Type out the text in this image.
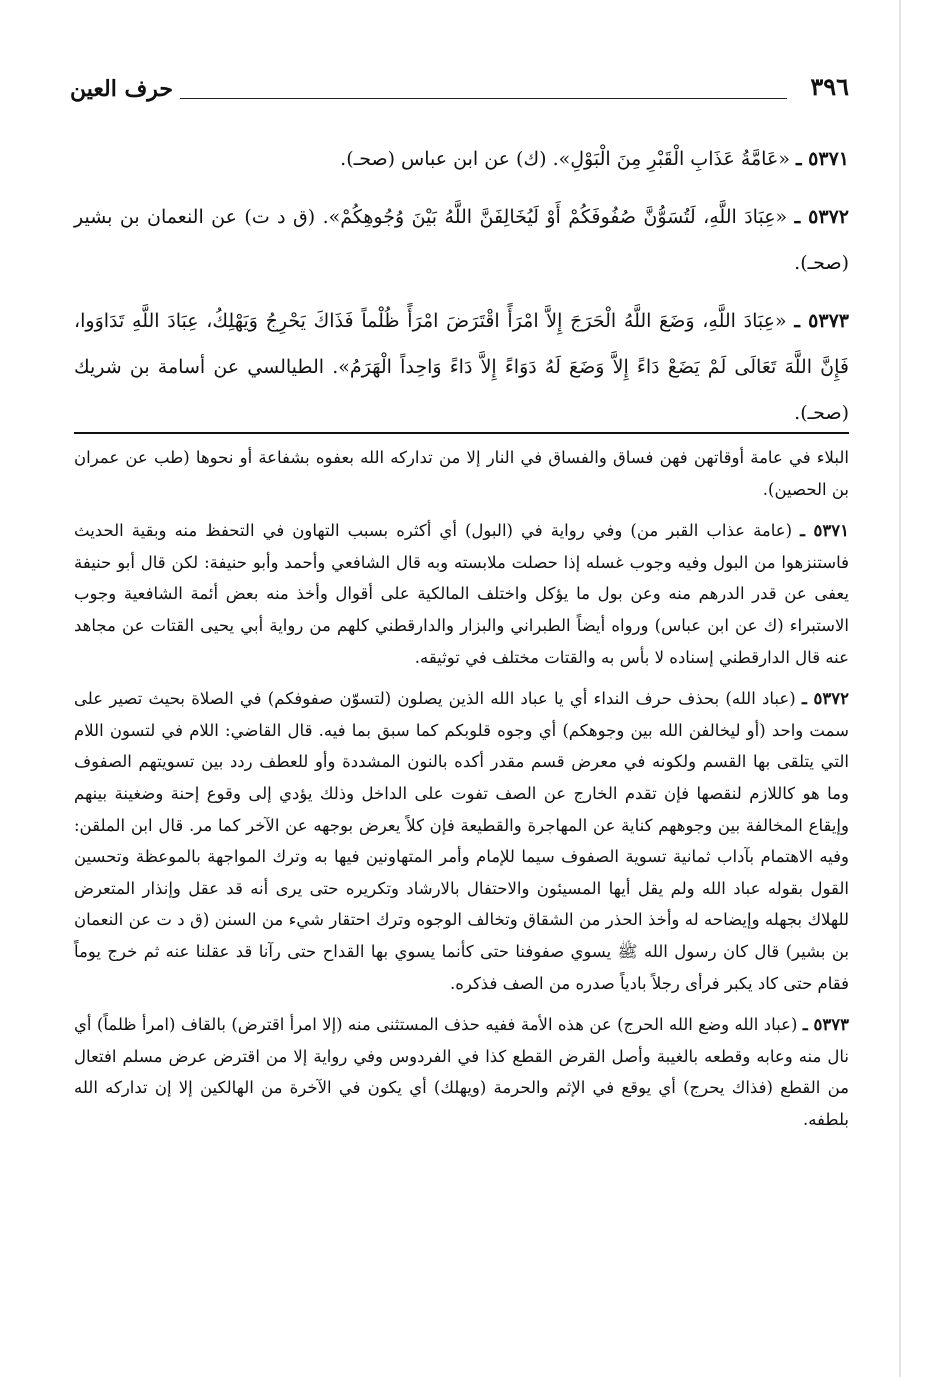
٣٩٦
حرف العين

٥٣٧١ ـ «عَامَّةُ عَذَابِ الْقَبْرِ مِنَ الْبَوْلِ». (ك) عن ابن عباس (صحـ).

٥٣٧٢ ـ «عِبَادَ اللَّهِ، لَتُسَوُّنَّ صُفُوفَكُمْ أَوْ لَيُخَالِفَنَّ اللَّهُ بَيْنَ وُجُوهِكُمْ». (ق د ت) عن النعمان بن بشير (صحـ).

٥٣٧٣ ـ «عِبَادَ اللَّهِ، وَضَعَ اللَّهُ الْحَرَجَ إِلاَّ امْرَأً اقْتَرَضَ امْرَأً ظُلْماً فَذَاكَ يَحْرِجُ وَيَهْلِكُ، عِبَادَ اللَّهِ تَدَاوَوا، فَإِنَّ اللَّهَ تَعَالَى لَمْ يَضَعْ دَاءً إِلاَّ وَضَعَ لَهُ دَوَاءً إِلاَّ دَاءً وَاحِداً الْهَرَمُ». الطيالسي عن أسامة بن شريك (صحـ).

البلاء في عامة أوقاتهن فهن فساق والفساق في النار إلا من تداركه الله بعفوه بشفاعة أو نحوها (طب عن عمران بن الحصين).

٥٣٧١ ـ (عامة عذاب القبر من) وفي رواية في (البول) أي أكثره بسبب التهاون في التحفظ منه وبقية الحديث فاستنزهوا من البول وفيه وجوب غسله إذا حصلت ملابسته وبه قال الشافعي وأحمد وأبو حنيفة: لكن قال أبو حنيفة يعفى عن قدر الدرهم منه وعن بول ما يؤكل واختلف المالكية على أقوال وأخذ منه بعض أئمة الشافعية وجوب الاستبراء (ك عن ابن عباس) ورواه أيضاً الطبراني والبزار والدارقطني كلهم من رواية أبي يحيى القتات عن مجاهد عنه قال الدارقطني إسناده لا بأس به والقتات مختلف في توثيقه.

٥٣٧٢ ـ (عباد الله) بحذف حرف النداء أي يا عباد الله الذين يصلون (لتسوّن صفوفكم) في الصلاة بحيث تصير على سمت واحد (أو ليخالفن الله بين وجوهكم) أي وجوه قلوبكم كما سبق بما فيه. قال القاضي: اللام في لتسون اللام التي يتلقى بها القسم ولكونه في معرض قسم مقدر أكده بالنون المشددة وأو للعطف ردد بين تسويتهم الصفوف وما هو كاللازم لنقصها فإن تقدم الخارج عن الصف تفوت على الداخل وذلك يؤدي إلى وقوع إحنة وضغينة بينهم وإيقاع المخالفة بين وجوههم كناية عن المهاجرة والقطيعة فإن كلاً يعرض بوجهه عن الآخر كما مر. قال ابن الملقن: وفيه الاهتمام بآداب ثمانية تسوية الصفوف سيما للإمام وأمر المتهاونين فيها به وترك المواجهة بالموعظة وتحسين القول بقوله عباد الله ولم يقل أيها المسيئون والاحتفال بالارشاد وتكريره حتى يرى أنه قد عقل وإنذار المتعرض للهلاك بجهله وإيضاحه له وأخذ الحذر من الشقاق وتخالف الوجوه وترك احتقار شيء من السنن (ق د ت عن النعمان بن بشير) قال كان رسول الله ﷺ يسوي صفوفنا حتى كأنما يسوي بها القداح حتى رآنا قد عقلنا عنه ثم خرج يوماً فقام حتى كاد يكبر فرأى رجلاً بادياً صدره من الصف فذكره.

٥٣٧٣ ـ (عباد الله وضع الله الحرج) عن هذه الأمة ففيه حذف المستثنى منه (إلا امرأ اقترض) بالقاف (امرأ ظلماً) أي نال منه وعابه وقطعه بالغيبة وأصل القرض القطع كذا في الفردوس وفي رواية إلا من اقترض عرض مسلم افتعال من القطع (فذاك يحرج) أي يوقع في الإثم والحرمة (ويهلك) أي يكون في الآخرة من الهالكين إلا إن تداركه الله بلطفه.
